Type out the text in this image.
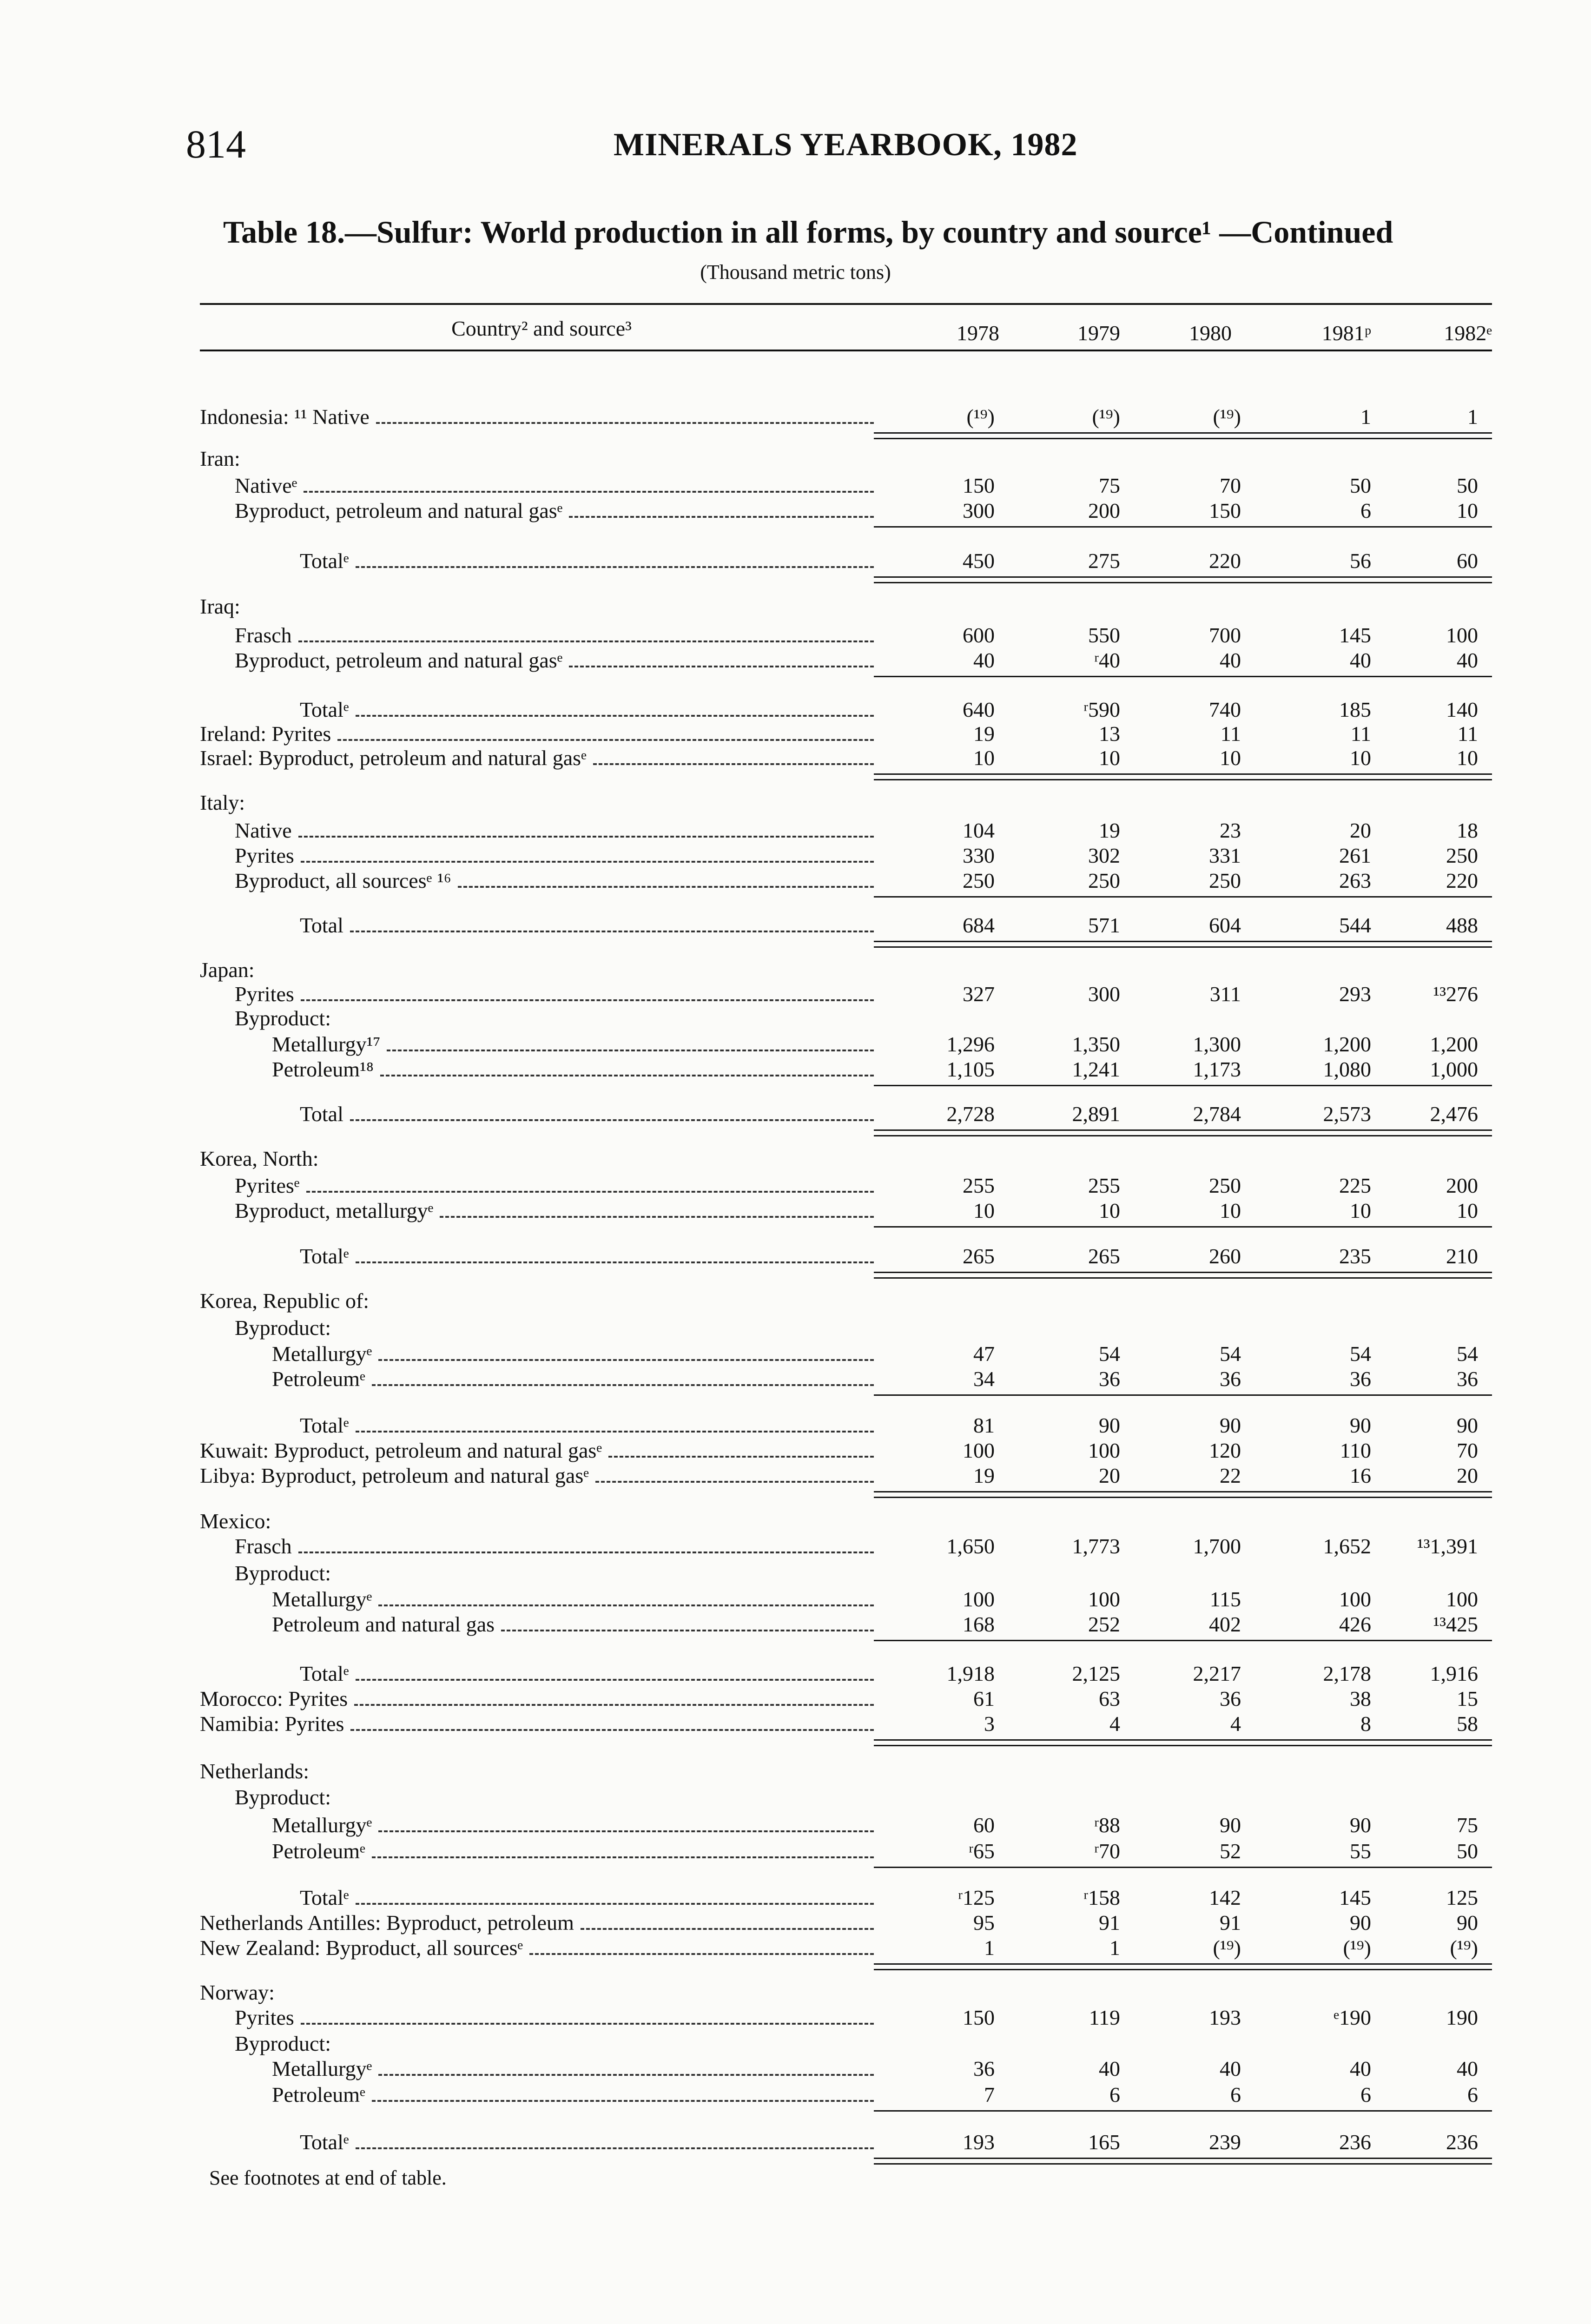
814	MINERALS YEARBOOK, 1982
Table 18.—Sulfur: World production in all forms, by country and source¹ —Continued
(Thousand metric tons)
Country² and source³	1978	1979	1980	1981ᵖ	1982ᵉ
Indonesia: ¹¹ Native	(¹⁹)	(¹⁹)	(¹⁹)	1	1
Iran:
Nativeᵉ	150	75	70	50	50
Byproduct, petroleum and natural gasᵉ	300	200	150	6	10
Totalᵉ	450	275	220	56	60
Iraq:
Frasch	600	550	700	145	100
Byproduct, petroleum and natural gasᵉ	40	ʳ40	40	40	40
Totalᵉ	640	ʳ590	740	185	140
Ireland: Pyrites	19	13	11	11	11
Israel: Byproduct, petroleum and natural gasᵉ	10	10	10	10	10
Italy:
Native	104	19	23	20	18
Pyrites	330	302	331	261	250
Byproduct, all sourcesᵉ ¹⁶	250	250	250	263	220
Total	684	571	604	544	488
Japan:
Pyrites	327	300	311	293	¹³276
Byproduct:
Metallurgy¹⁷	1,296	1,350	1,300	1,200	1,200
Petroleum¹⁸	1,105	1,241	1,173	1,080	1,000
Total	2,728	2,891	2,784	2,573	2,476
Korea, North:
Pyritesᵉ	255	255	250	225	200
Byproduct, metallurgyᵉ	10	10	10	10	10
Totalᵉ	265	265	260	235	210
Korea, Republic of:
Byproduct:
Metallurgyᵉ	47	54	54	54	54
Petroleumᵉ	34	36	36	36	36
Totalᵉ	81	90	90	90	90
Kuwait: Byproduct, petroleum and natural gasᵉ	100	100	120	110	70
Libya: Byproduct, petroleum and natural gasᵉ	19	20	22	16	20
Mexico:
Frasch	1,650	1,773	1,700	1,652	¹³1,391
Byproduct:
Metallurgyᵉ	100	100	115	100	100
Petroleum and natural gas	168	252	402	426	¹³425
Totalᵉ	1,918	2,125	2,217	2,178	1,916
Morocco: Pyrites	61	63	36	38	15
Namibia: Pyrites	3	4	4	8	58
Netherlands:
Byproduct:
Metallurgyᵉ	60	ʳ88	90	90	75
Petroleumᵉ	ʳ65	ʳ70	52	55	50
Totalᵉ	ʳ125	ʳ158	142	145	125
Netherlands Antilles: Byproduct, petroleum	95	91	91	90	90
New Zealand: Byproduct, all sourcesᵉ	1	1	(¹⁹)	(¹⁹)	(¹⁹)
Norway:
Pyrites	150	119	193	ᵉ190	190
Byproduct:
Metallurgyᵉ	36	40	40	40	40
Petroleumᵉ	7	6	6	6	6
Totalᵉ	193	165	239	236	236
See footnotes at end of table.
